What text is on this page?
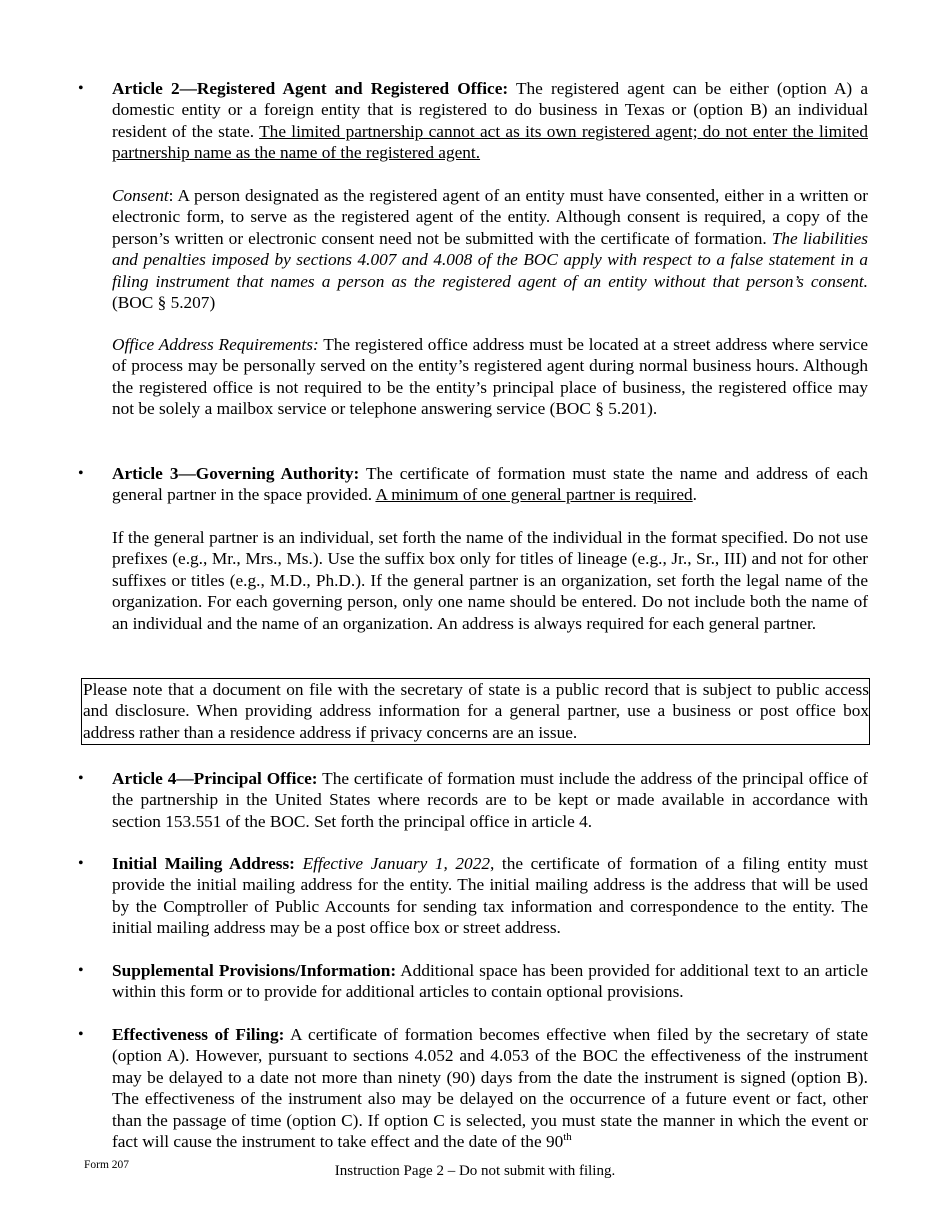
•	Article 2—Registered Agent and Registered Office: The registered agent can be either (option A) a domestic entity or a foreign entity that is registered to do business in Texas or (option B) an individual resident of the state. The limited partnership cannot act as its own registered agent; do not enter the limited partnership name as the name of the registered agent.
Consent: A person designated as the registered agent of an entity must have consented, either in a written or electronic form, to serve as the registered agent of the entity. Although consent is required, a copy of the person’s written or electronic consent need not be submitted with the certificate of formation. The liabilities and penalties imposed by sections 4.007 and 4.008 of the BOC apply with respect to a false statement in a filing instrument that names a person as the registered agent of an entity without that person’s consent. (BOC § 5.207)
Office Address Requirements: The registered office address must be located at a street address where service of process may be personally served on the entity’s registered agent during normal business hours. Although the registered office is not required to be the entity’s principal place of business, the registered office may not be solely a mailbox service or telephone answering service (BOC § 5.201).
•	Article 3—Governing Authority: The certificate of formation must state the name and address of each general partner in the space provided. A minimum of one general partner is required.
If the general partner is an individual, set forth the name of the individual in the format specified. Do not use prefixes (e.g., Mr., Mrs., Ms.). Use the suffix box only for titles of lineage (e.g., Jr., Sr., III) and not for other suffixes or titles (e.g., M.D., Ph.D.). If the general partner is an organization, set forth the legal name of the organization. For each governing person, only one name should be entered. Do not include both the name of an individual and the name of an organization. An address is always required for each general partner.
Please note that a document on file with the secretary of state is a public record that is subject to public access and disclosure. When providing address information for a general partner, use a business or post office box address rather than a residence address if privacy concerns are an issue.
•	Article 4—Principal Office: The certificate of formation must include the address of the principal office of the partnership in the United States where records are to be kept or made available in accordance with section 153.551 of the BOC. Set forth the principal office in article 4.
•	Initial Mailing Address: Effective January 1, 2022, the certificate of formation of a filing entity must provide the initial mailing address for the entity. The initial mailing address is the address that will be used by the Comptroller of Public Accounts for sending tax information and correspondence to the entity. The initial mailing address may be a post office box or street address.
•	Supplemental Provisions/Information: Additional space has been provided for additional text to an article within this form or to provide for additional articles to contain optional provisions.
•	Effectiveness of Filing: A certificate of formation becomes effective when filed by the secretary of state (option A). However, pursuant to sections 4.052 and 4.053 of the BOC the effectiveness of the instrument may be delayed to a date not more than ninety (90) days from the date the instrument is signed (option B). The effectiveness of the instrument also may be delayed on the occurrence of a future event or fact, other than the passage of time (option C). If option C is selected, you must state the manner in which the event or fact will cause the instrument to take effect and the date of the 90th
Form 207	Instruction Page 2 – Do not submit with filing.
